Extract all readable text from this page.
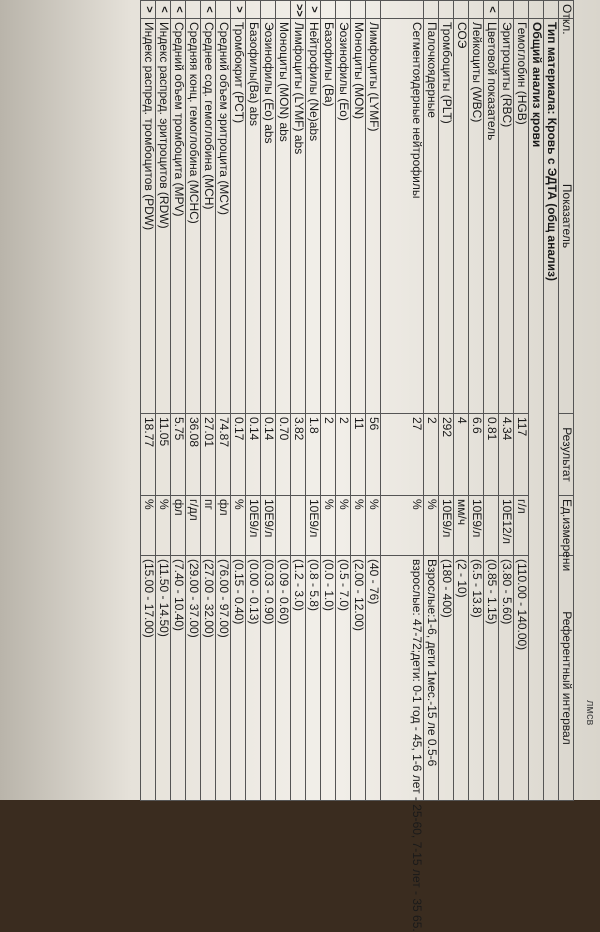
лмсв
Откл.	Показатель	Результат	Ед.измерени	Референтный интервал
	Тип материала: Кровь с ЭДТА (общ анализ)			
	Общий анализ крови			
	Гемоглобин (HGB)	117	г/л	(110.00 - 140.00)
	Эритроциты (RBC)	4.34	10E12/л	(3.80 - 5.60)
<	Цветовой показатель	0.81		(0.85 - 1.15)
	Лейкоциты (WBC)	6.6	10E9/л	(6.5 - 13.8)
	СОЭ	4	мм/ч	(2 - 10)
	Тромбоциты (PLT)	292	10E9/л	(180 - 400)
	Палочкоядерные	2	%	Взрослые:1-6, дети 1мес.-15 ле 0.5-6
	Сегментоядерные нейтрофилы	27	%	взрослые: 47-72;дети: 0-1 год - 45, 1-6 лет - 25-60, 7-15 лет - 35 65.
	Лимфоциты (LYMF)	56	%	(40 - 76)
	Моноциты (MON)	11	%	(2.00 - 12.00)
	Эозинофилы (Eo)	2	%	(0.5 - 7.0)
	Базофилы (Ba)	2	%	(0.0 - 1.0)
>	Нейтрофилы (Ne)abs	1.8	10E9/л	(0.8 - 5.8)
>>	Лимфоциты (LYMF) abs	3.82		(1.2 - 3.0)
	Моноциты (MON) abs	0.70		(0.09 - 0.60)
	Эозинофилы (Eo) abs	0.14	10E9/л	(0.03 - 0.90)
	Базофилы(Ba) abs	0.14	10E9/л	(0.00 - 0.13)
>	Тромбокрит (PCT)	0.17	%	(0.15 - 0.40)
	Средний объем эритроцита (MCV)	74.87	фл	(76.00 - 97.00)
<	Среднее сод. гемоглобина (MCH)	27.01	пг	(27.00 - 32.00)
	Средняя конц. гемоглобина (MCHC)	36.08	г/дл	(29.00 - 37.00)
<	Средний объем тромбоцита (MPV)	5.75	фл	(7.40 - 10.40)
<	Индекс распред. эритроцитов (RDW)	11.05	%	(11.50 - 14.50)
>	Индекс распред. тромбоцитов (PDW)	18.77	%	(15.00 - 17.00)
